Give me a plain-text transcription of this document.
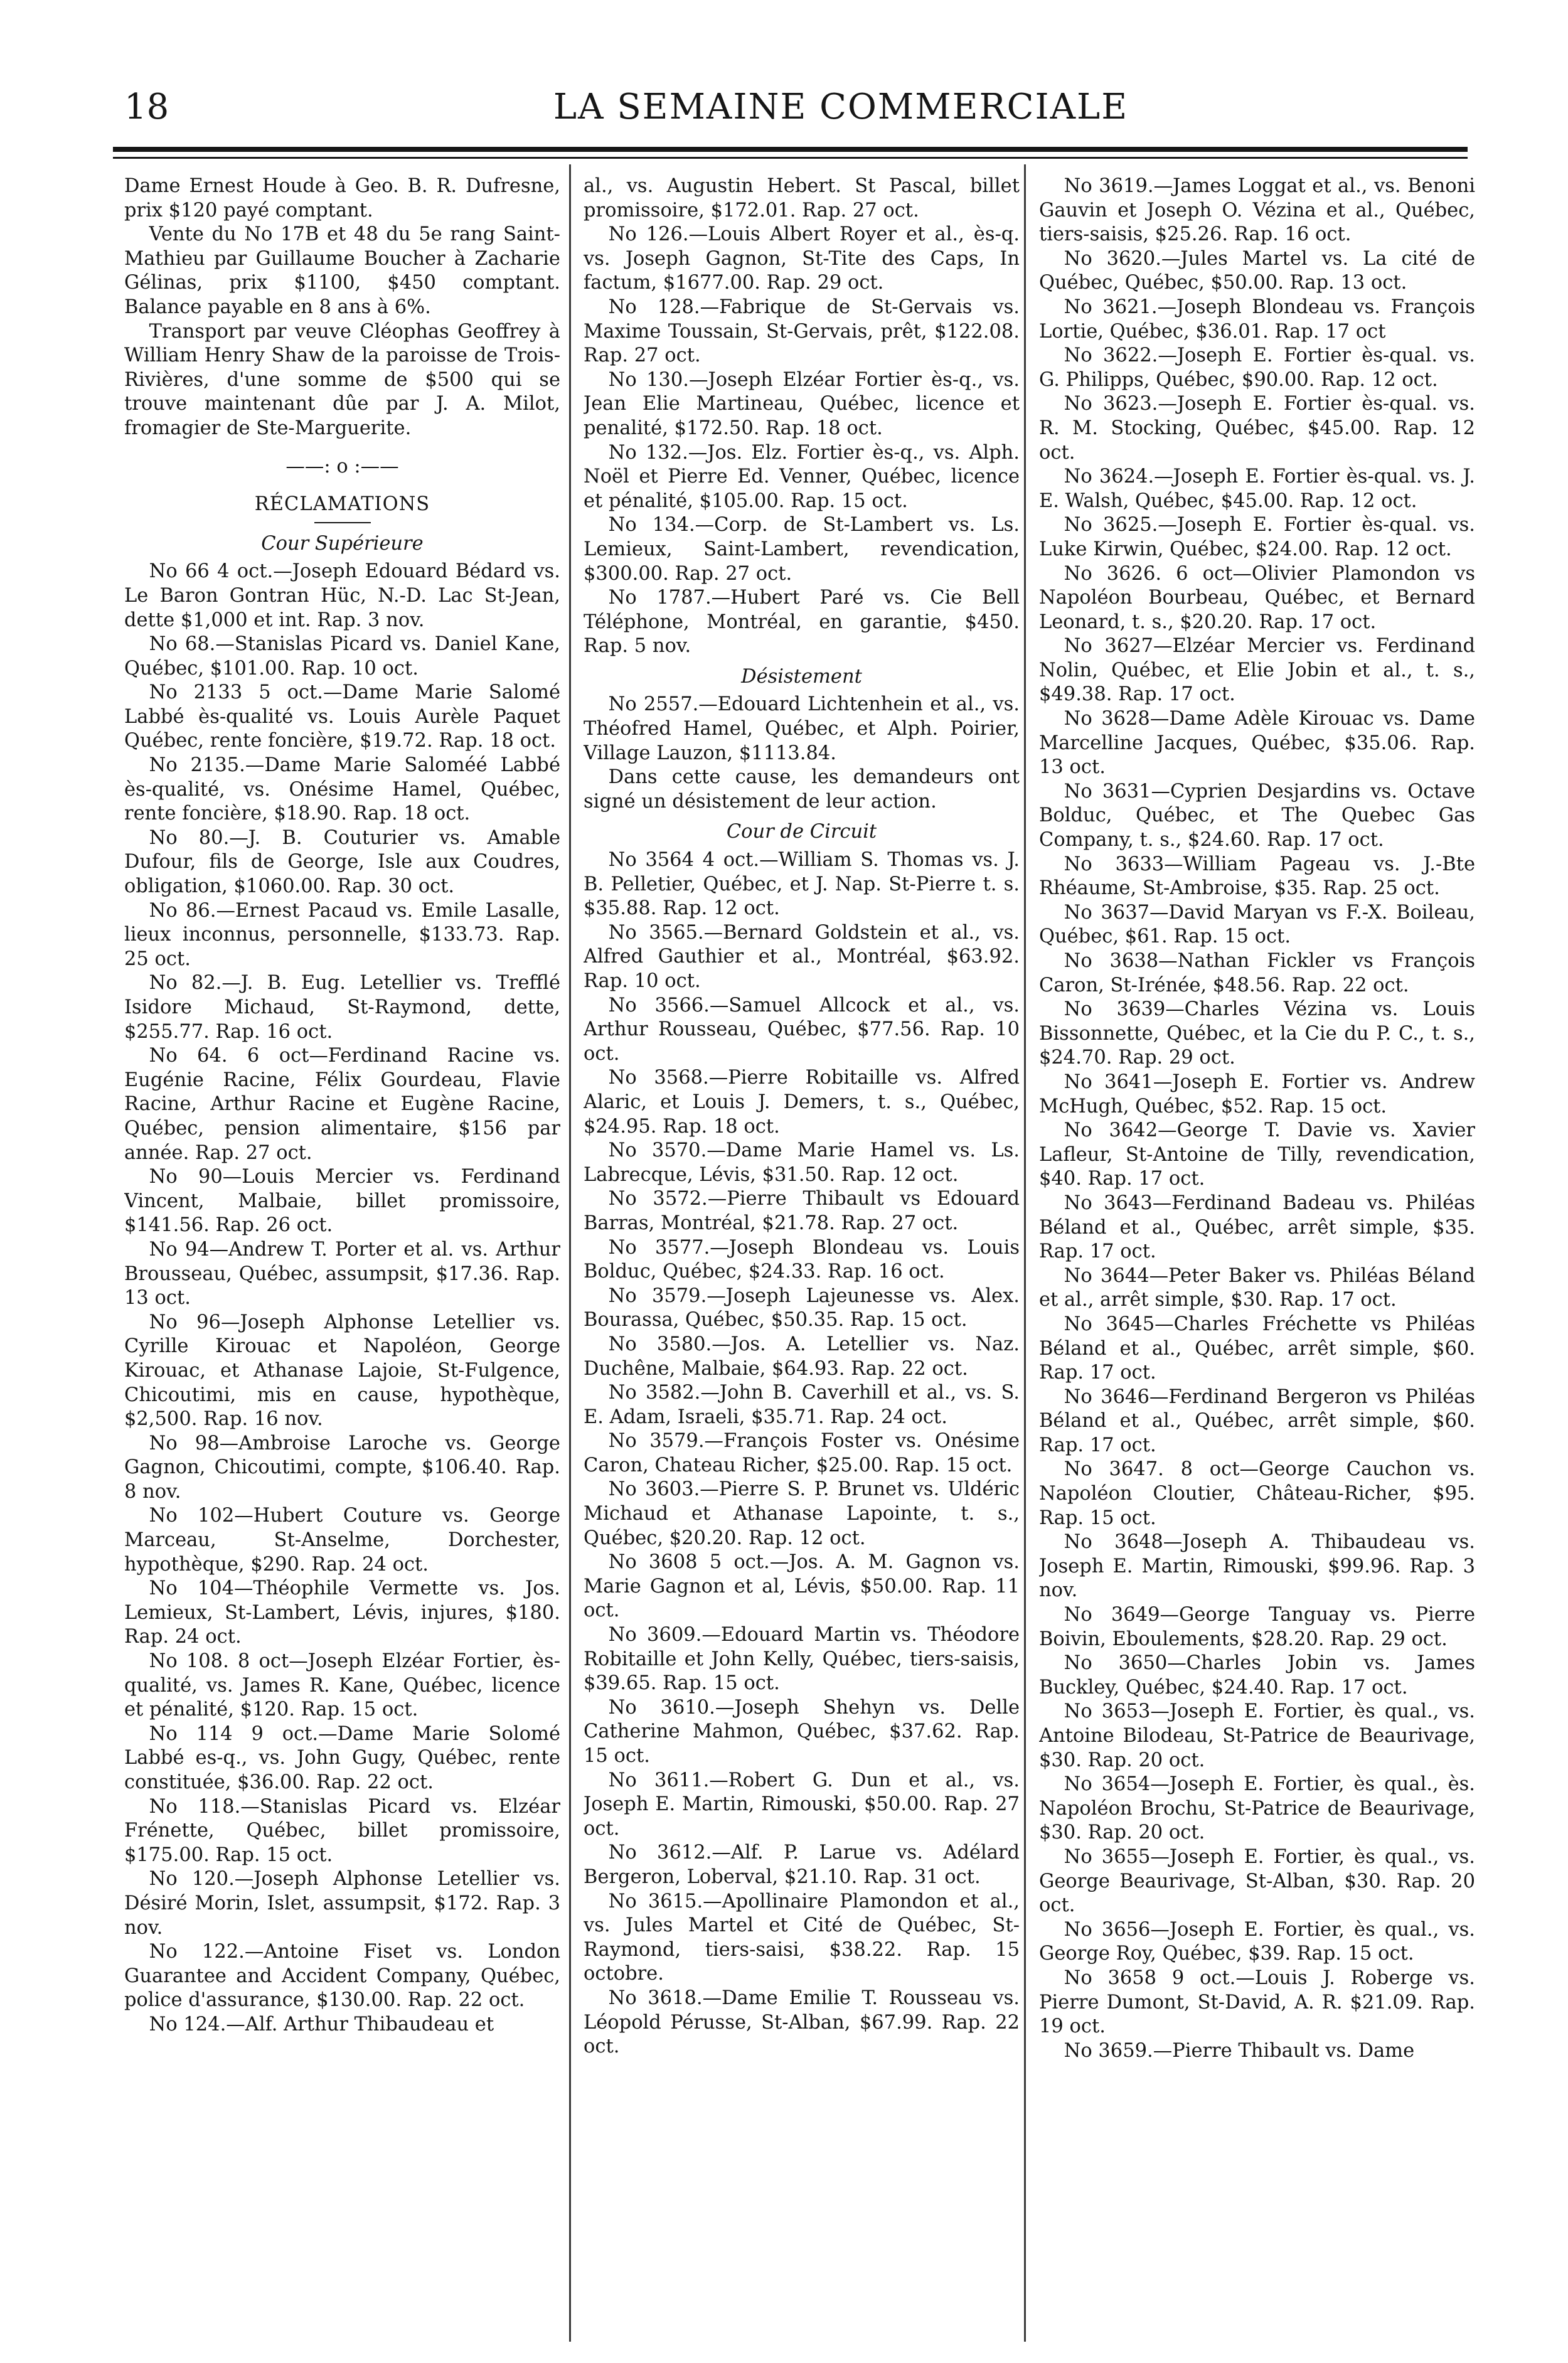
18	LA SEMAINE COMMERCIALE

Dame Ernest Houde à Geo. B. R. Dufresne, prix $120 payé comptant.

Vente du No 17B et 48 du 5e rang Saint-Mathieu par Guillaume Boucher à Zacharie Gélinas, prix $1100, $450 comptant. Balance payable en 8 ans à 6%.

Transport par veuve Cléophas Geoffrey à William Henry Shaw de la paroisse de Trois-Rivières, d'une somme de $500 qui se trouve maintenant dûe par J. A. Milot, fromagier de Ste-Marguerite.

——: o :——
RÉCLAMATIONS
Cour Supérieure

No 66 4 oct.—Joseph Edouard Bédard vs. Le Baron Gontran Hüc, N.-D. Lac St-Jean, dette $1,000 et int. Rap. 3 nov.

No 68.—Stanislas Picard vs. Daniel Kane, Québec, $101.00. Rap. 10 oct.

No 2133 5 oct.—Dame Marie Salomé Labbé ès-qualité vs. Louis Aurèle Paquet Québec, rente foncière, $19.72. Rap. 18 oct.

No 2135.—Dame Marie Saloméé Labbé ès-qualité, vs. Onésime Hamel, Québec, rente foncière, $18.90. Rap. 18 oct.

No 80.—J. B. Couturier vs. Amable Dufour, fils de George, Isle aux Coudres, obligation, $1060.00. Rap. 30 oct.

No 86.—Ernest Pacaud vs. Emile Lasalle, lieux inconnus, personnelle, $133.73. Rap. 25 oct.

No 82.—J. B. Eug. Letellier vs. Trefflé Isidore Michaud, St-Raymond, dette, $255.77. Rap. 16 oct.

No 64. 6 oct—Ferdinand Racine vs. Eugénie Racine, Félix Gourdeau, Flavie Racine, Arthur Racine et Eugène Racine, Québec, pension alimentaire, $156 par année. Rap. 27 oct.

No 90—Louis Mercier vs. Ferdinand Vincent, Malbaie, billet promissoire, $141.56. Rap. 26 oct.

No 94—Andrew T. Porter et al. vs. Arthur Brousseau, Québec, assumpsit, $17.36. Rap. 13 oct.

No 96—Joseph Alphonse Letellier vs. Cyrille Kirouac et Napoléon, George Kirouac, et Athanase Lajoie, St-Fulgence, Chicoutimi, mis en cause, hypothèque, $2,500. Rap. 16 nov.

No 98—Ambroise Laroche vs. George Gagnon, Chicoutimi, compte, $106.40. Rap. 8 nov.

No 102—Hubert Couture vs. George Marceau, St-Anselme, Dorchester, hypothèque, $290. Rap. 24 oct.

No 104—Théophile Vermette vs. Jos. Lemieux, St-Lambert, Lévis, injures, $180. Rap. 24 oct.

No 108. 8 oct—Joseph Elzéar Fortier, ès-qualité, vs. James R. Kane, Québec, licence et pénalité, $120. Rap. 15 oct.

No 114 9 oct.—Dame Marie Solomé Labbé es-q., vs. John Gugy, Québec, rente constituée, $36.00. Rap. 22 oct.

No 118.—Stanislas Picard vs. Elzéar Frénette, Québec, billet promissoire, $175.00. Rap. 15 oct.

No 120.—Joseph Alphonse Letellier vs. Désiré Morin, Islet, assumpsit, $172. Rap. 3 nov.

No 122.—Antoine Fiset vs. London Guarantee and Accident Company, Québec, police d'assurance, $130.00. Rap. 22 oct.

No 124.—Alf. Arthur Thibaudeau et

al., vs. Augustin Hebert. St Pascal, billet promissoire, $172.01. Rap. 27 oct.

No 126.—Louis Albert Royer et al., ès-q. vs. Joseph Gagnon, St-Tite des Caps, In factum, $1677.00. Rap. 29 oct.

No 128.—Fabrique de St-Gervais vs. Maxime Toussain, St-Gervais, prêt, $122.08. Rap. 27 oct.

No 130.—Joseph Elzéar Fortier ès-q., vs. Jean Elie Martineau, Québec, licence et penalité, $172.50. Rap. 18 oct.

No 132.—Jos. Elz. Fortier ès-q., vs. Alph. Noël et Pierre Ed. Venner, Québec, licence et pénalité, $105.00. Rap. 15 oct.

No 134.—Corp. de St-Lambert vs. Ls. Lemieux, Saint-Lambert, revendication, $300.00. Rap. 27 oct.

No 1787.—Hubert Paré vs. Cie Bell Téléphone, Montréal, en garantie, $450. Rap. 5 nov.

Désistement

No 2557.—Edouard Lichtenhein et al., vs. Théofred Hamel, Québec, et Alph. Poirier, Village Lauzon, $1113.84.

Dans cette cause, les demandeurs ont signé un désistement de leur action.

Cour de Circuit

No 3564 4 oct.—William S. Thomas vs. J. B. Pelletier, Québec, et J. Nap. St-Pierre t. s. $35.88. Rap. 12 oct.

No 3565.—Bernard Goldstein et al., vs. Alfred Gauthier et al., Montréal, $63.92. Rap. 10 oct.

No 3566.—Samuel Allcock et al., vs. Arthur Rousseau, Québec, $77.56. Rap. 10 oct.

No 3568.—Pierre Robitaille vs. Alfred Alaric, et Louis J. Demers, t. s., Québec, $24.95. Rap. 18 oct.

No 3570.—Dame Marie Hamel vs. Ls. Labrecque, Lévis, $31.50. Rap. 12 oct.

No 3572.—Pierre Thibault vs Edouard Barras, Montréal, $21.78. Rap. 27 oct.

No 3577.—Joseph Blondeau vs. Louis Bolduc, Québec, $24.33. Rap. 16 oct.

No 3579.—Joseph Lajeunesse vs. Alex. Bourassa, Québec, $50.35. Rap. 15 oct.

No 3580.—Jos. A. Letellier vs. Naz. Duchêne, Malbaie, $64.93. Rap. 22 oct.

No 3582.—John B. Caverhill et al., vs. S. E. Adam, Israeli, $35.71. Rap. 24 oct.

No 3579.—François Foster vs. Onésime Caron, Chateau Richer, $25.00. Rap. 15 oct.

No 3603.—Pierre S. P. Brunet vs. Uldéric Michaud et Athanase Lapointe, t. s., Québec, $20.20. Rap. 12 oct.

No 3608 5 oct.—Jos. A. M. Gagnon vs. Marie Gagnon et al, Lévis, $50.00. Rap. 11 oct.

No 3609.—Edouard Martin vs. Théodore Robitaille et John Kelly, Québec, tiers-saisis, $39.65. Rap. 15 oct.

No 3610.—Joseph Shehyn vs. Delle Catherine Mahmon, Québec, $37.62. Rap. 15 oct.

No 3611.—Robert G. Dun et al., vs. Joseph E. Martin, Rimouski, $50.00. Rap. 27 oct.

No 3612.—Alf. P. Larue vs. Adélard Bergeron, Loberval, $21.10. Rap. 31 oct.

No 3615.—Apollinaire Plamondon et al., vs. Jules Martel et Cité de Québec, St-Raymond, tiers-saisi, $38.22. Rap. 15 octobre.

No 3618.—Dame Emilie T. Rousseau vs. Léopold Pérusse, St-Alban, $67.99. Rap. 22 oct.

No 3619.—James Loggat et al., vs. Benoni Gauvin et Joseph O. Vézina et al., Québec, tiers-saisis, $25.26. Rap. 16 oct.

No 3620.—Jules Martel vs. La cité de Québec, Québec, $50.00. Rap. 13 oct.

No 3621.—Joseph Blondeau vs. François Lortie, Québec, $36.01. Rap. 17 oct

No 3622.—Joseph E. Fortier ès-qual. vs. G. Philipps, Québec, $90.00. Rap. 12 oct.

No 3623.—Joseph E. Fortier ès-qual. vs. R. M. Stocking, Québec, $45.00. Rap. 12 oct.

No 3624.—Joseph E. Fortier ès-qual. vs. J. E. Walsh, Québec, $45.00. Rap. 12 oct.

No 3625.—Joseph E. Fortier ès-qual. vs. Luke Kirwin, Québec, $24.00. Rap. 12 oct.

No 3626. 6 oct—Olivier Plamondon vs Napoléon Bourbeau, Québec, et Bernard Leonard, t. s., $20.20. Rap. 17 oct.

No 3627—Elzéar Mercier vs. Ferdinand Nolin, Québec, et Elie Jobin et al., t. s., $49.38. Rap. 17 oct.

No 3628—Dame Adèle Kirouac vs. Dame Marcelline Jacques, Québec, $35.06. Rap. 13 oct.

No 3631—Cyprien Desjardins vs. Octave Bolduc, Québec, et The Quebec Gas Company, t. s., $24.60. Rap. 17 oct.

No 3633—William Pageau vs. J.-Bte Rhéaume, St-Ambroise, $35. Rap. 25 oct.

No 3637—David Maryan vs F.-X. Boileau, Québec, $61. Rap. 15 oct.

No 3638—Nathan Fickler vs François Caron, St-Irénée, $48.56. Rap. 22 oct.

No 3639—Charles Vézina vs. Louis Bissonnette, Québec, et la Cie du P. C., t. s., $24.70. Rap. 29 oct.

No 3641—Joseph E. Fortier vs. Andrew McHugh, Québec, $52. Rap. 15 oct.

No 3642—George T. Davie vs. Xavier Lafleur, St-Antoine de Tilly, revendication, $40. Rap. 17 oct.

No 3643—Ferdinand Badeau vs. Philéas Béland et al., Québec, arrêt simple, $35. Rap. 17 oct.

No 3644—Peter Baker vs. Philéas Béland et al., arrêt simple, $30. Rap. 17 oct.

No 3645—Charles Fréchette vs Philéas Béland et al., Québec, arrêt simple, $60. Rap. 17 oct.

No 3646—Ferdinand Bergeron vs Philéas Béland et al., Québec, arrêt simple, $60. Rap. 17 oct.

No 3647. 8 oct—George Cauchon vs. Napoléon Cloutier, Château-Richer, $95. Rap. 15 oct.

No 3648—Joseph A. Thibaudeau vs. Joseph E. Martin, Rimouski, $99.96. Rap. 3 nov.

No 3649—George Tanguay vs. Pierre Boivin, Eboulements, $28.20. Rap. 29 oct.

No 3650—Charles Jobin vs. James Buckley, Québec, $24.40. Rap. 17 oct.

No 3653—Joseph E. Fortier, ès qual., vs. Antoine Bilodeau, St-Patrice de Beaurivage, $30. Rap. 20 oct.

No 3654—Joseph E. Fortier, ès qual., ès. Napoléon Brochu, St-Patrice de Beaurivage, $30. Rap. 20 oct.

No 3655—Joseph E. Fortier, ès qual., vs. George Beaurivage, St-Alban, $30. Rap. 20 oct.

No 3656—Joseph E. Fortier, ès qual., vs. George Roy, Québec, $39. Rap. 15 oct.

No 3658 9 oct.—Louis J. Roberge vs. Pierre Dumont, St-David, A. R. $21.09. Rap. 19 oct.

No 3659.—Pierre Thibault vs. Dame
